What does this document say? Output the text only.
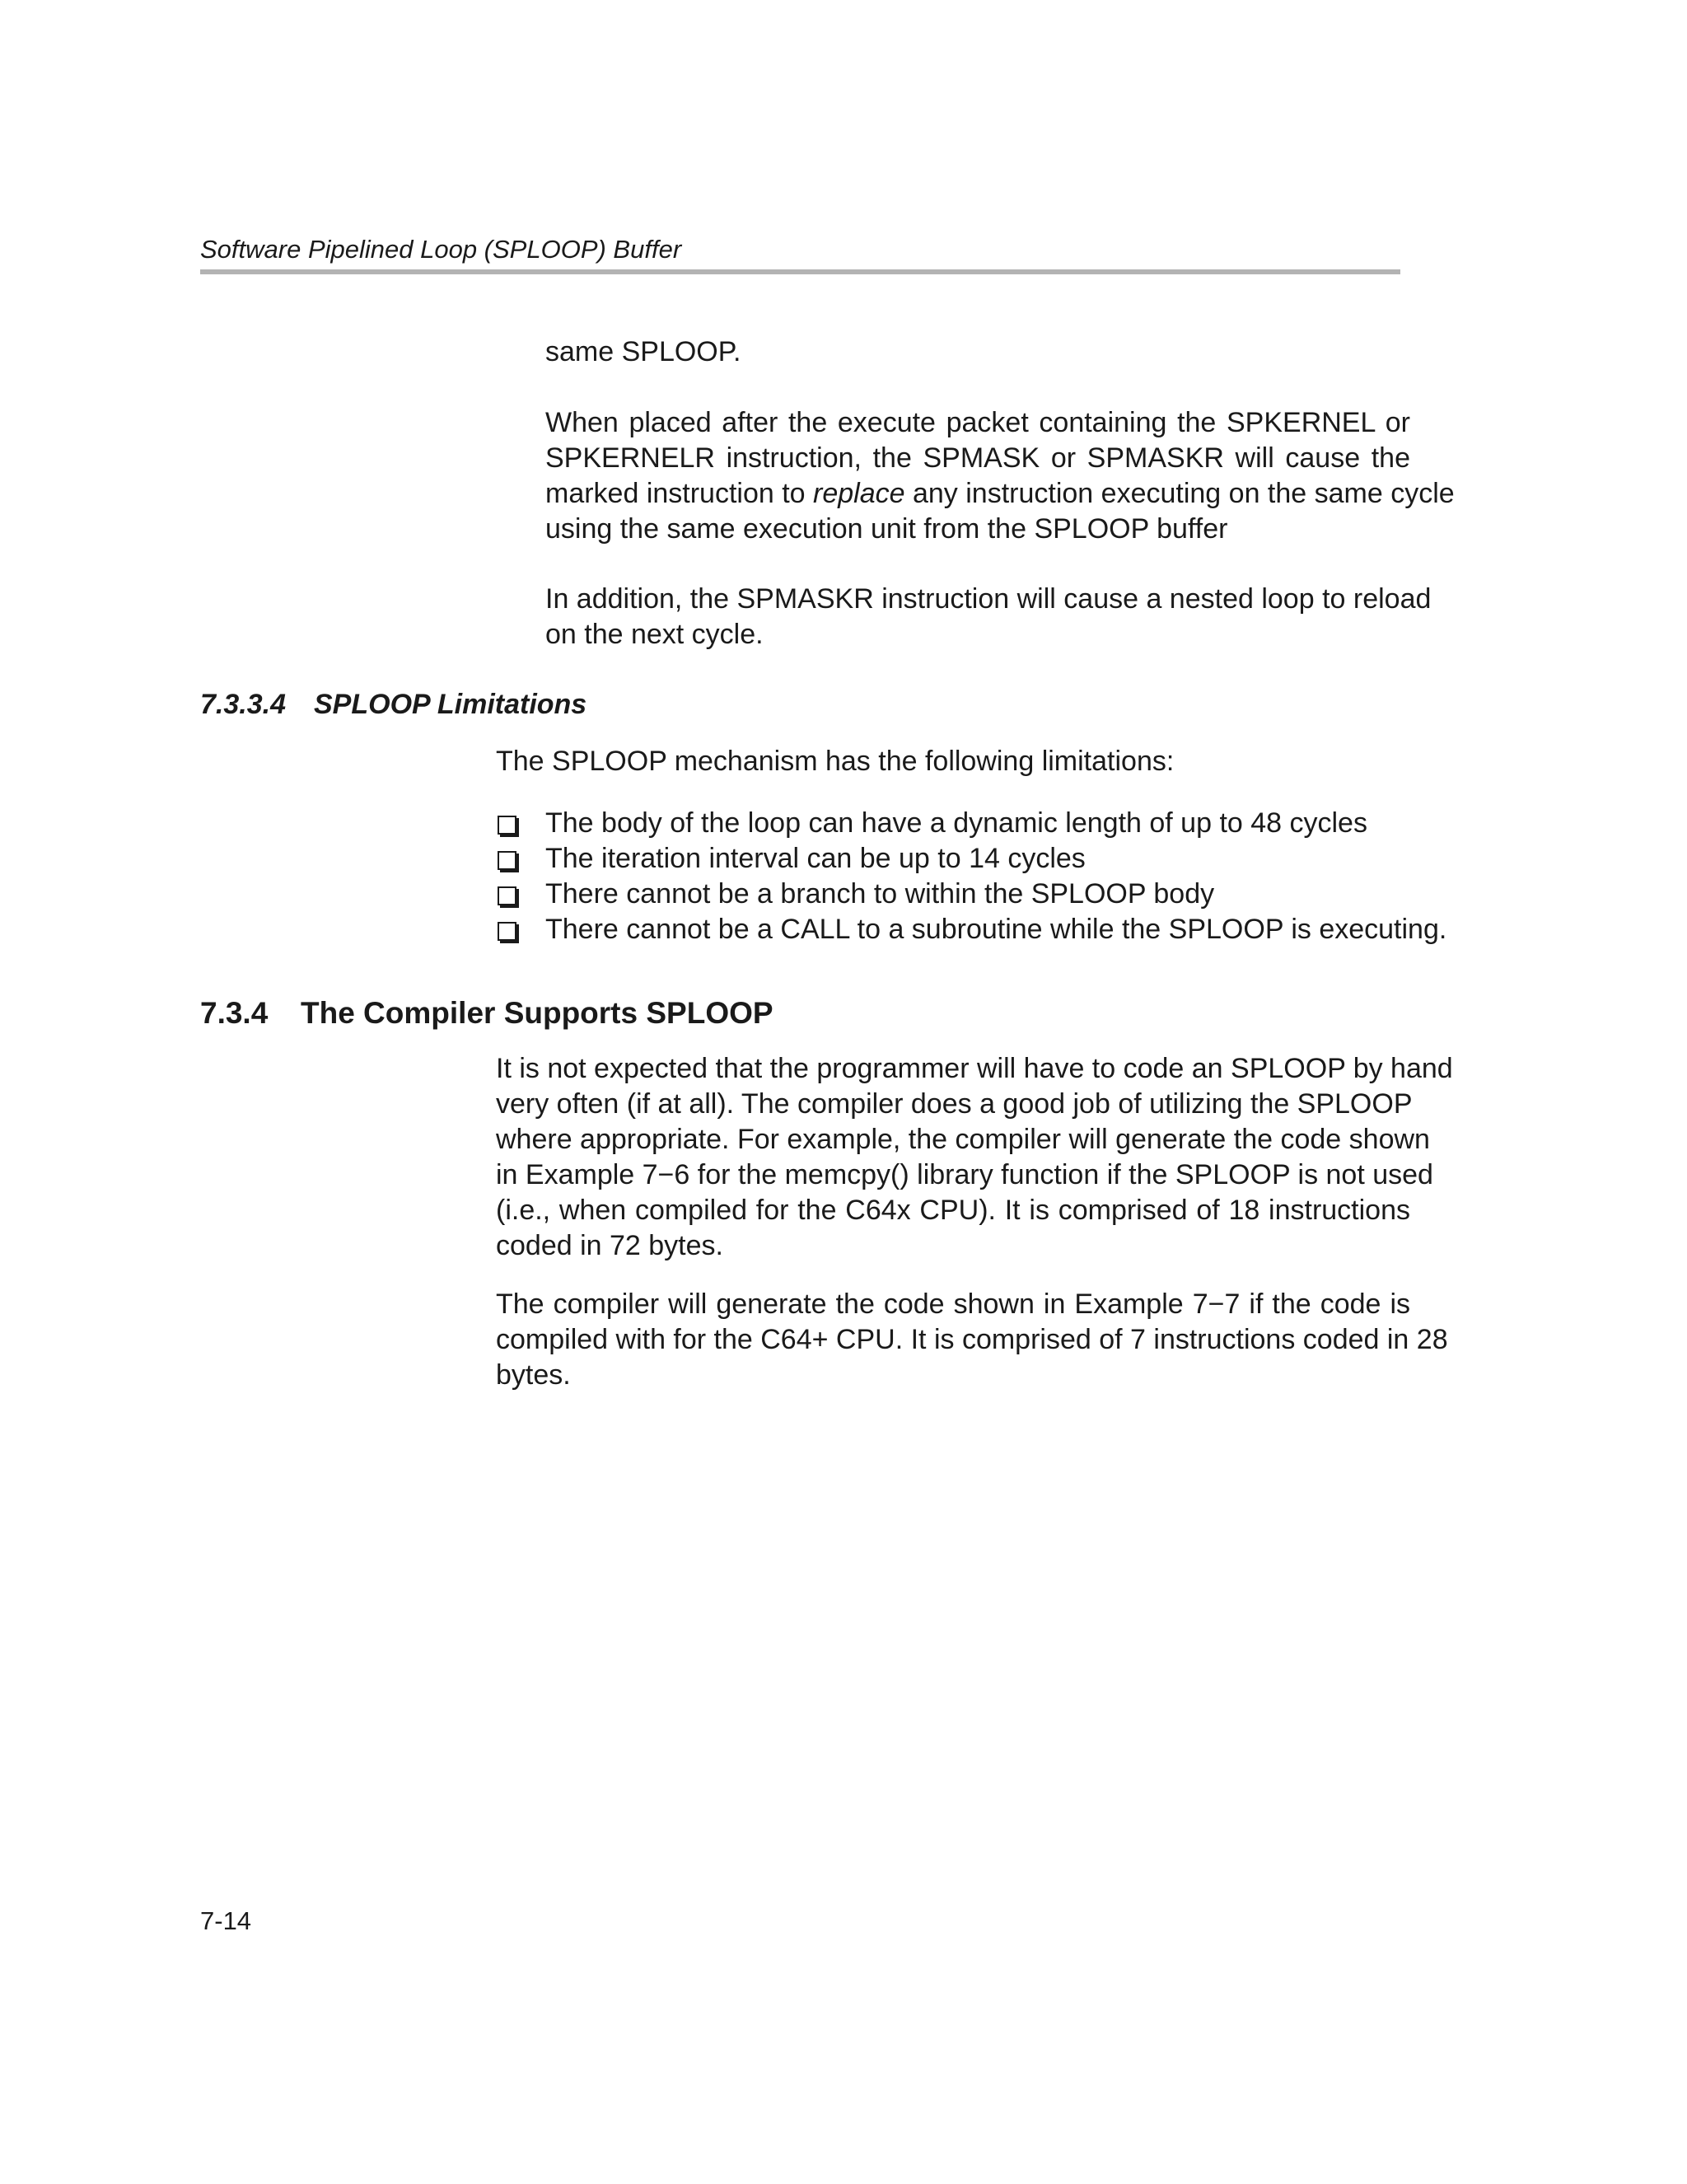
Software Pipelined Loop (SPLOOP) Buffer
same SPLOOP.
When placed after the execute packet containing the SPKERNEL or
SPKERNELR instruction, the SPMASK or SPMASKR will cause the
marked instruction to replace any instruction executing on the same cycle
using the same execution unit from the SPLOOP buffer
In addition, the SPMASKR instruction will cause a nested loop to reload
on the next cycle.
7.3.3.4 SPLOOP Limitations
The SPLOOP mechanism has the following limitations:
The body of the loop can have a dynamic length of up to 48 cycles
The iteration interval can be up to 14 cycles
There cannot be a branch to within the SPLOOP body
There cannot be a CALL to a subroutine while the SPLOOP is executing.
7.3.4 The Compiler Supports SPLOOP
It is not expected that the programmer will have to code an SPLOOP by hand
very often (if at all). The compiler does a good job of utilizing the SPLOOP
where appropriate. For example, the compiler will generate the code shown
in Example 7−6 for the memcpy() library function if the SPLOOP is not used
(i.e., when compiled for the C64x CPU). It is comprised of 18 instructions
coded in 72 bytes.
The compiler will generate the code shown in Example 7−7 if the code is
compiled with for the C64+ CPU. It is comprised of 7 instructions coded in 28
bytes.
7-14
